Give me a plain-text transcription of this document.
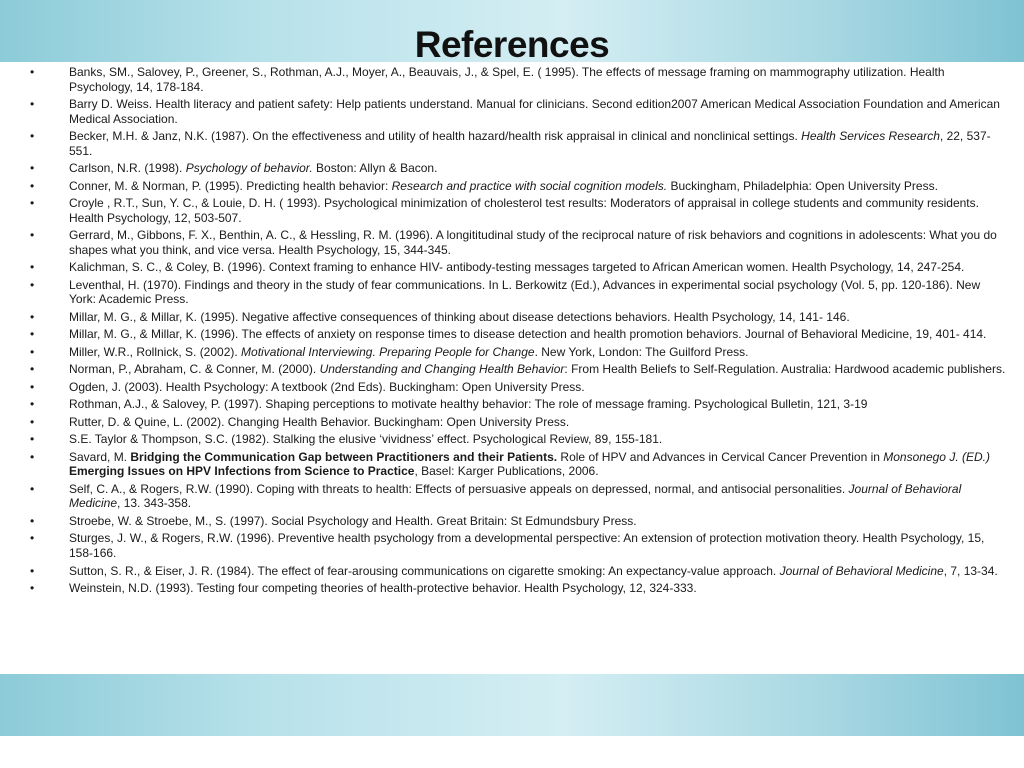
References
•	Banks, SM., Salovey, P., Greener, S., Rothman, A.J., Moyer, A., Beauvais, J., & Spel, E. ( 1995). The effects of message framing on mammography utilization. Health Psychology, 14, 178-184.
•	Barry D. Weiss. Health literacy and patient safety: Help patients understand. Manual for clinicians. Second edition2007 American Medical Association Foundation and American Medical Association.
•	Becker, M.H. & Janz, N.K. (1987). On the effectiveness and utility of health hazard/health risk appraisal in clinical and nonclinical settings. Health Services Research, 22, 537-551.
•	Carlson, N.R. (1998). Psychology of behavior. Boston: Allyn & Bacon.
•	Conner, M. & Norman, P. (1995). Predicting health behavior: Research and practice with social cognition models. Buckingham, Philadelphia: Open University Press.
•	Croyle , R.T., Sun, Y. C., & Louie, D. H. ( 1993). Psychological minimization of cholesterol test results: Moderators of appraisal in college students and community residents. Health Psychology, 12, 503-507.
•	Gerrard, M., Gibbons, F. X., Benthin, A. C., & Hessling, R. M. (1996). A longititudinal study of the reciprocal nature of risk behaviors and cognitions in adolescents: What you do shapes what you think, and vice versa. Health Psychology, 15, 344-345.
•	Kalichman, S. C., & Coley, B. (1996). Context framing to enhance HIV- antibody-testing messages targeted to African American women. Health Psychology, 14, 247-254.
•	Leventhal, H. (1970). Findings and theory in the study of fear communications. In L. Berkowitz (Ed.), Advances in experimental social psychology (Vol. 5, pp. 120-186). New York: Academic Press.
•	Millar, M. G., & Millar, K. (1995). Negative affective consequences of thinking about disease detections behaviors. Health Psychology, 14, 141- 146.
•	Millar, M. G., & Millar, K. (1996). The effects of anxiety on response times to disease detection and health promotion behaviors. Journal of Behavioral Medicine, 19, 401- 414.
•	Miller, W.R., Rollnick, S. (2002). Motivational Interviewing. Preparing People for Change. New York, London: The Guilford Press.
•	Norman, P., Abraham, C. & Conner, M. (2000). Understanding and Changing Health Behavior: From Health Beliefs to Self-Regulation. Australia: Hardwood academic publishers.
•	Ogden, J. (2003). Health Psychology: A textbook (2nd Eds). Buckingham: Open University Press.
•	Rothman, A.J., & Salovey, P. (1997). Shaping perceptions to motivate healthy behavior: The role of message framing. Psychological Bulletin, 121, 3-19
•	Rutter, D. & Quine, L. (2002). Changing Health Behavior. Buckingham: Open University Press.
•	S.E. Taylor & Thompson, S.C. (1982). Stalking the elusive ‘vividness’ effect. Psychological Review, 89, 155-181.
•	Savard, M. Bridging the Communication Gap between Practitioners and their Patients. Role of HPV and Advances in Cervical Cancer Prevention in Monsonego J. (ED.) Emerging Issues on HPV Infections from Science to Practice, Basel: Karger Publications, 2006.
•	Self, C. A., & Rogers, R.W. (1990). Coping with threats to health: Effects of persuasive appeals on depressed, normal, and antisocial personalities. Journal of Behavioral Medicine, 13. 343-358.
•	Stroebe, W. & Stroebe, M., S. (1997). Social Psychology and Health. Great Britain: St Edmundsbury Press.
•	Sturges, J. W., & Rogers, R.W. (1996). Preventive health psychology from a developmental perspective: An extension of protection motivation theory. Health Psychology, 15, 158-166.
•	Sutton, S. R., & Eiser, J. R. (1984). The effect of fear-arousing communications on cigarette smoking: An expectancy-value approach. Journal of Behavioral Medicine, 7, 13-34.
•	Weinstein, N.D. (1993). Testing four competing theories of health-protective behavior. Health Psychology, 12, 324-333.
